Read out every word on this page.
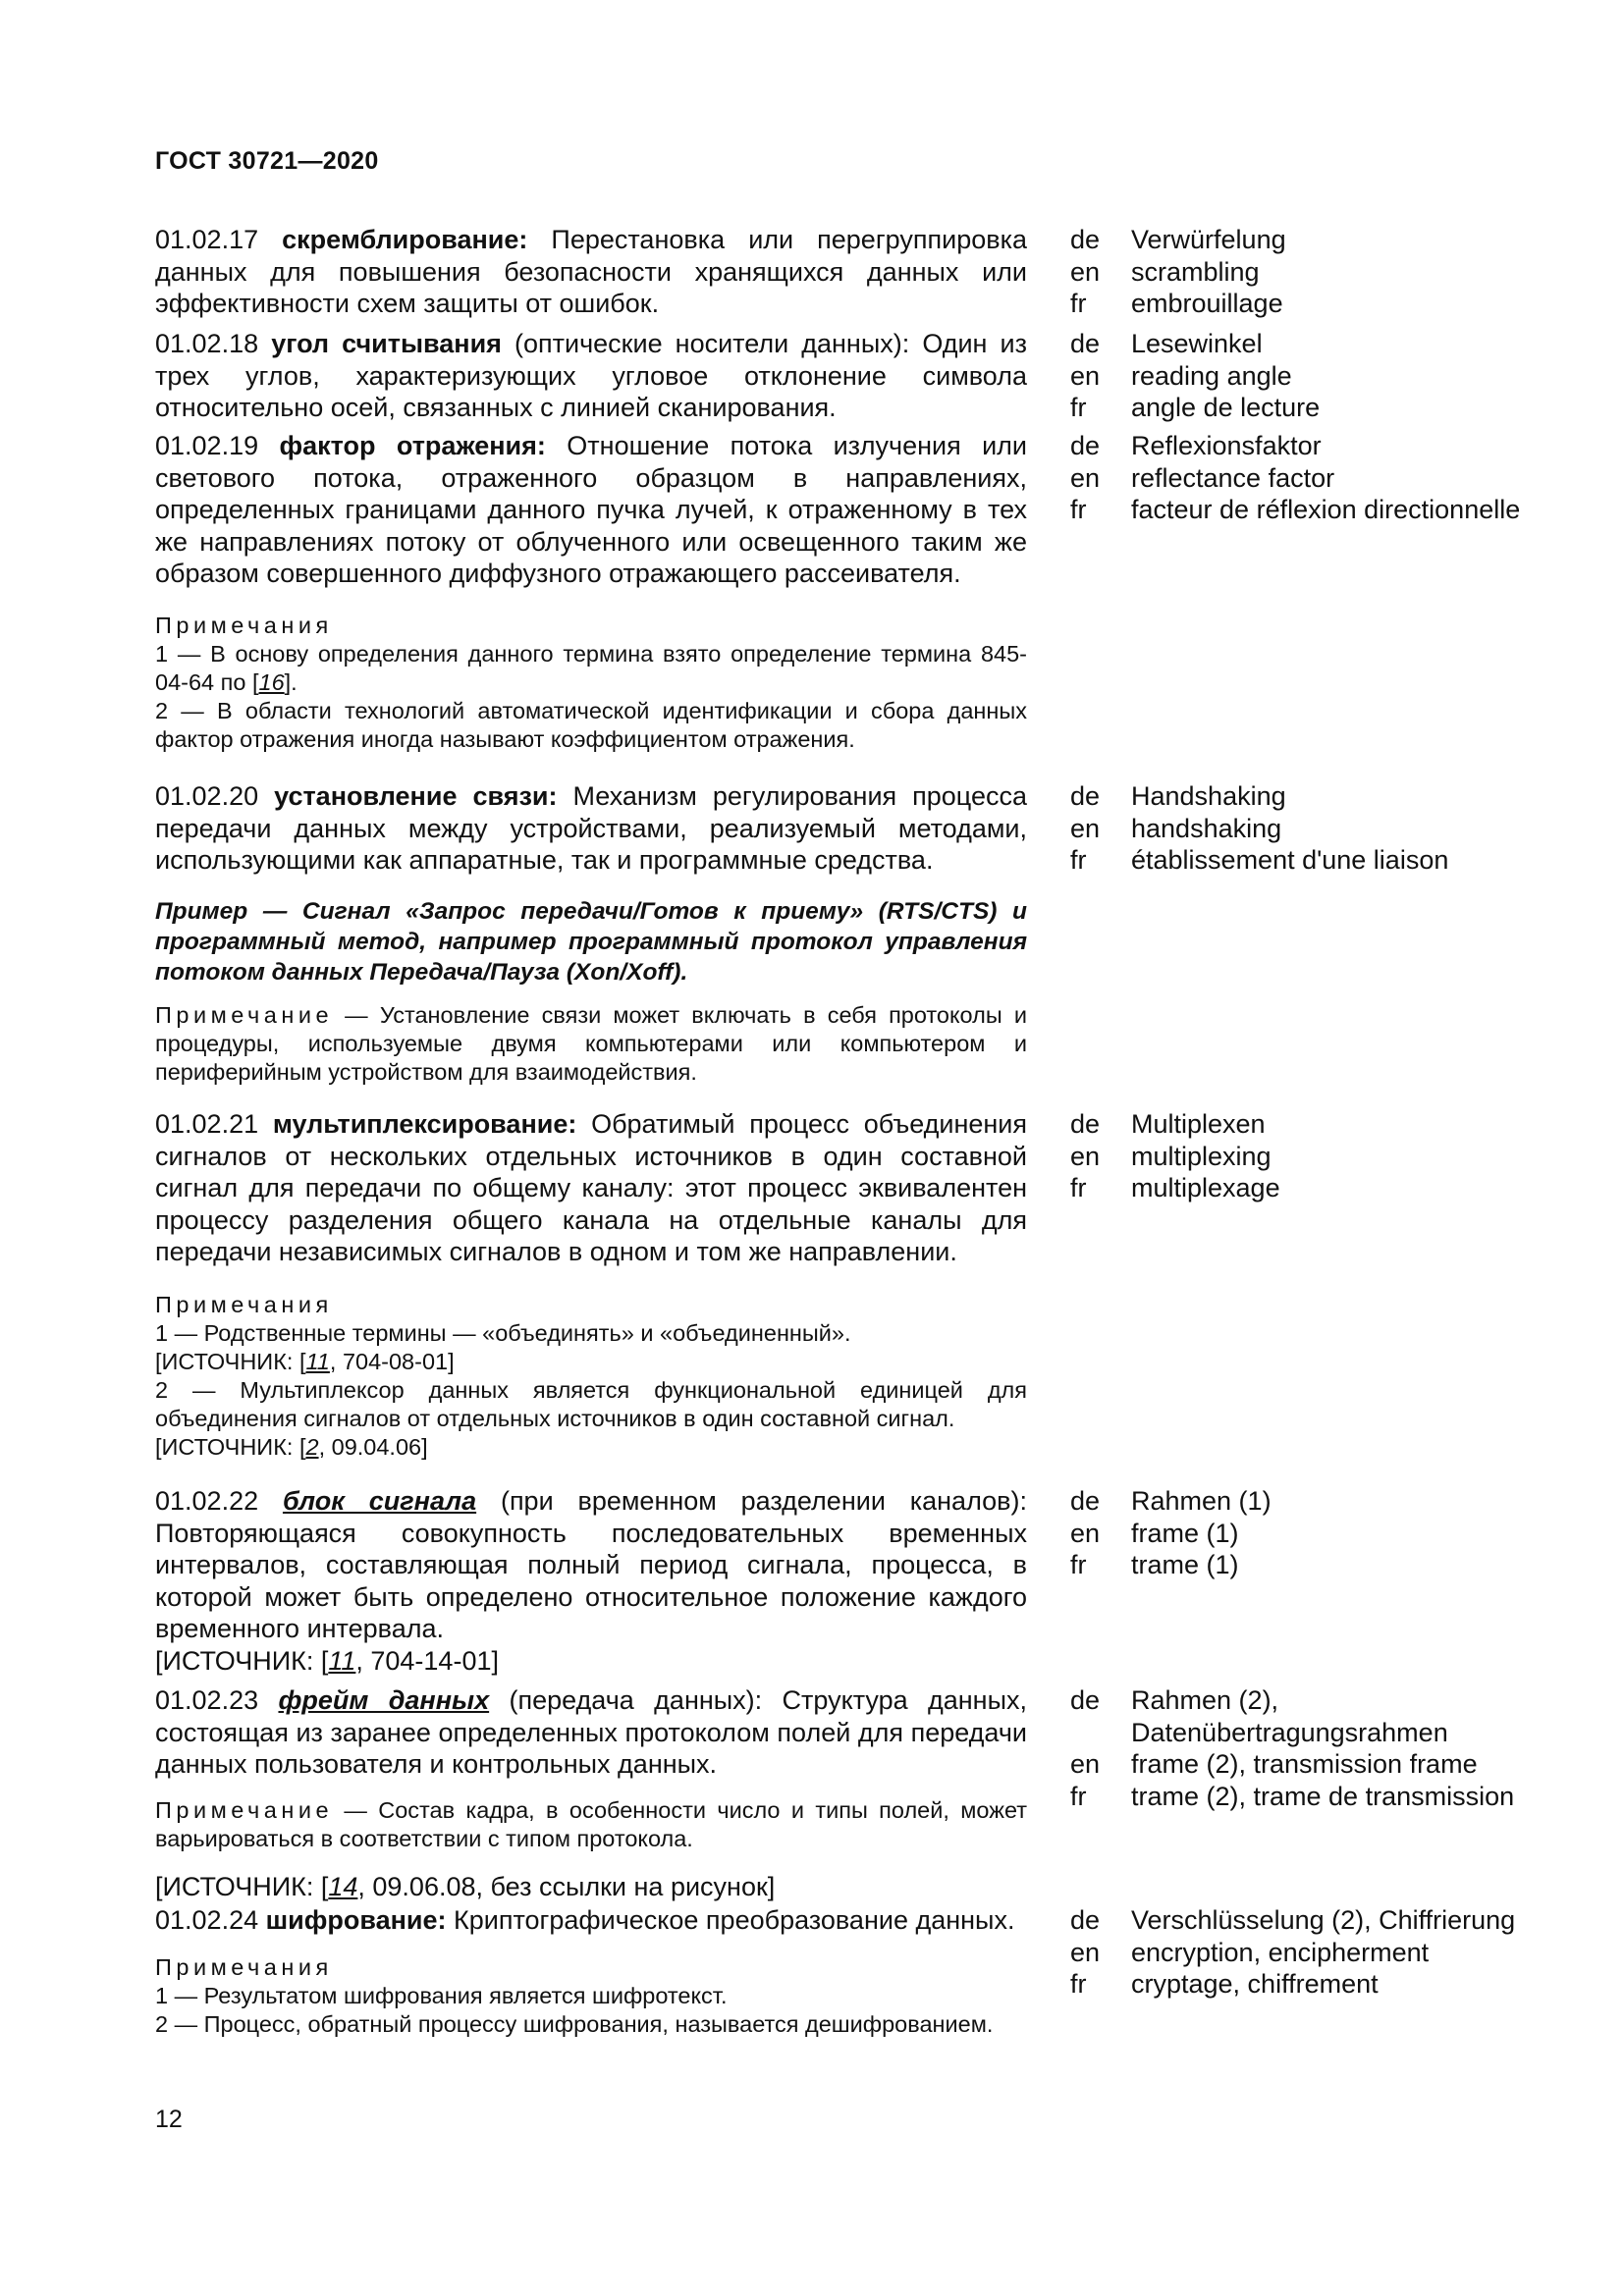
ГОСТ 30721—2020
01.02.17 скремблирование: Перестановка или перегруппировка данных для повышения безопасности хранящихся данных или эффективности схем защиты от ошибок.
de	Verwürfelung
en	scrambling
fr	embrouillage
01.02.18 угол считывания (оптические носители данных): Один из трех углов, характеризующих угловое отклонение символа относительно осей, связанных с линией сканирования.
de	Lesewinkel
en	reading angle
fr	angle de lecture
01.02.19 фактор отражения: Отношение потока излучения или светового потока, отраженного образцом в направлениях, определенных границами данного пучка лучей, к отраженному в тех же направлениях потоку от облученного или освещенного таким же образом совершенного диффузного отражающего рассеивателя.
de	Reflexionsfaktor
en	reflectance factor
fr	facteur de réflexion directionnelle
Примечания
1 — В основу определения данного термина взято определение термина 845-04-64 по [16].
2 — В области технологий автоматической идентификации и сбора данных фактор отражения иногда называют коэффициентом отражения.
01.02.20 установление связи: Механизм регулирования процесса передачи данных между устройствами, реализуемый методами, использующими как аппаратные, так и программные средства.
de	Handshaking
en	handshaking
fr	établissement d'une liaison
Пример — Сигнал «Запрос передачи/Готов к приему» (RTS/CTS) и программный метод, например программный протокол управления потоком данных Передача/Пауза (Xon/Xoff).
Примечание — Установление связи может включать в себя протоколы и процедуры, используемые двумя компьютерами или компьютером и периферийным устройством для взаимодействия.
01.02.21 мультиплексирование: Обратимый процесс объединения сигналов от нескольких отдельных источников в один составной сигнал для передачи по общему каналу: этот процесс эквивалентен процессу разделения общего канала на отдельные каналы для передачи независимых сигналов в одном и том же направлении.
de	Multiplexen
en	multiplexing
fr	multiplexage
Примечания
1 — Родственные термины — «объединять» и «объединенный».
[ИСТОЧНИК: [11, 704-08-01]
2 — Мультиплексор данных является функциональной единицей для объединения сигналов от отдельных источников в один составной сигнал.
[ИСТОЧНИК: [2, 09.04.06]
01.02.22 блок сигнала (при временном разделении каналов): Повторяющаяся совокупность последовательных временных интервалов, составляющая полный период сигнала, процесса, в которой может быть определено относительное положение каждого временного интервала.
[ИСТОЧНИК: [11, 704-14-01]
de	Rahmen (1)
en	frame (1)
fr	trame (1)
01.02.23 фрейм данных (передача данных): Структура данных, состоящая из заранее определенных протоколом полей для передачи данных пользователя и контрольных данных.
de	Rahmen (2), Datenübertragungsrahmen
en	frame (2), transmission frame
fr	trame (2), trame de transmission
Примечание — Состав кадра, в особенности число и типы полей, может варьироваться в соответствии с типом протокола.
[ИСТОЧНИК: [14, 09.06.08, без ссылки на рисунок]
01.02.24 шифрование: Криптографическое преобразование данных.	de	Verschlüsselung (2), Chiffrierung
en	encryption, encipherment
fr	cryptage, chiffrement
Примечания
1 — Результатом шифрования является шифротекст.
2 — Процесс, обратный процессу шифрования, называется дешифрованием.
12
